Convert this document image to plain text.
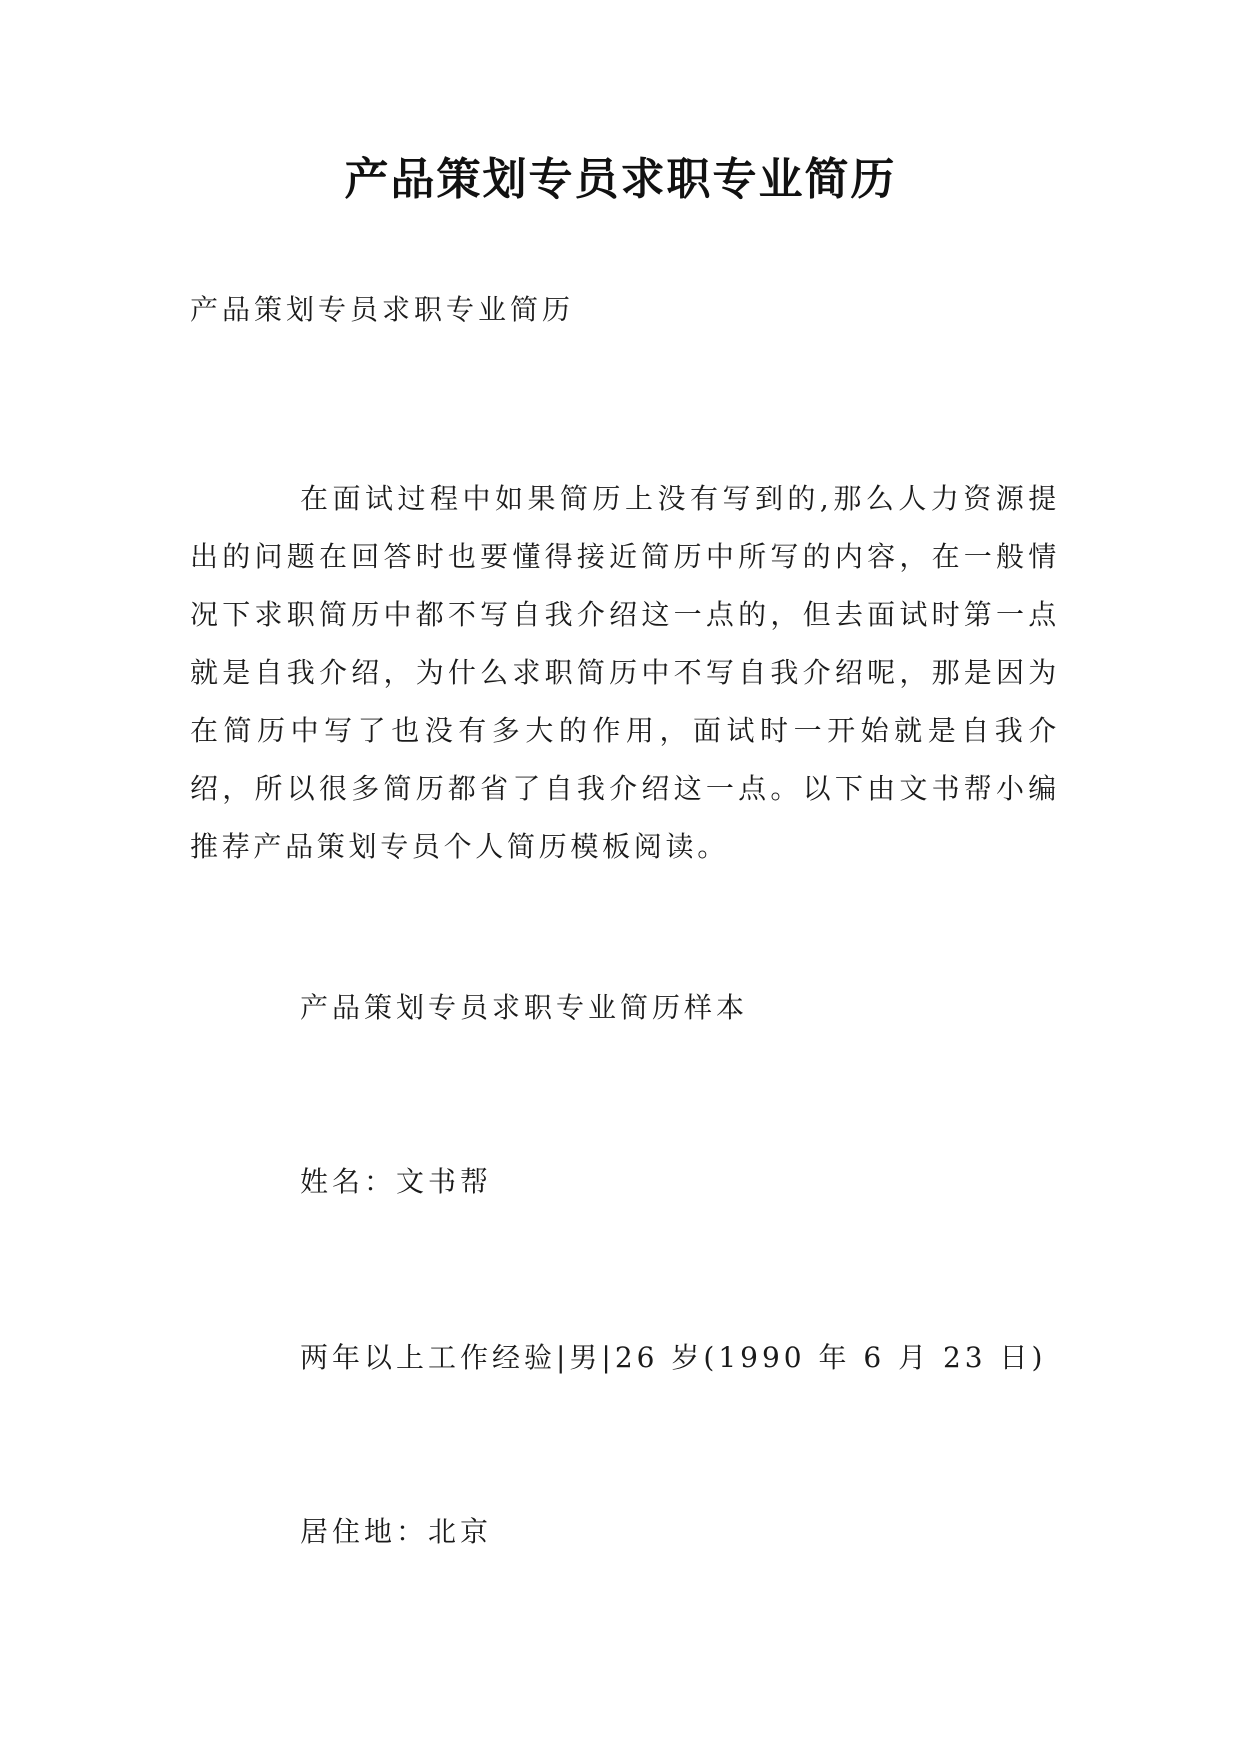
产品策划专员求职专业简历

产品策划专员求职专业简历

在面试过程中如果简历上没有写到的,那么人力资源提出的问题在回答时也要懂得接近简历中所写的内容，在一般情况下求职简历中都不写自我介绍这一点的，但去面试时第一点就是自我介绍，为什么求职简历中不写自我介绍呢，那是因为在简历中写了也没有多大的作用，面试时一开始就是自我介绍，所以很多简历都省了自我介绍这一点。以下由文书帮小编推荐产品策划专员个人简历模板阅读。

产品策划专员求职专业简历样本

姓名：文书帮

两年以上工作经验|男|26 岁(1990 年 6 月 23 日)

居住地：北京
